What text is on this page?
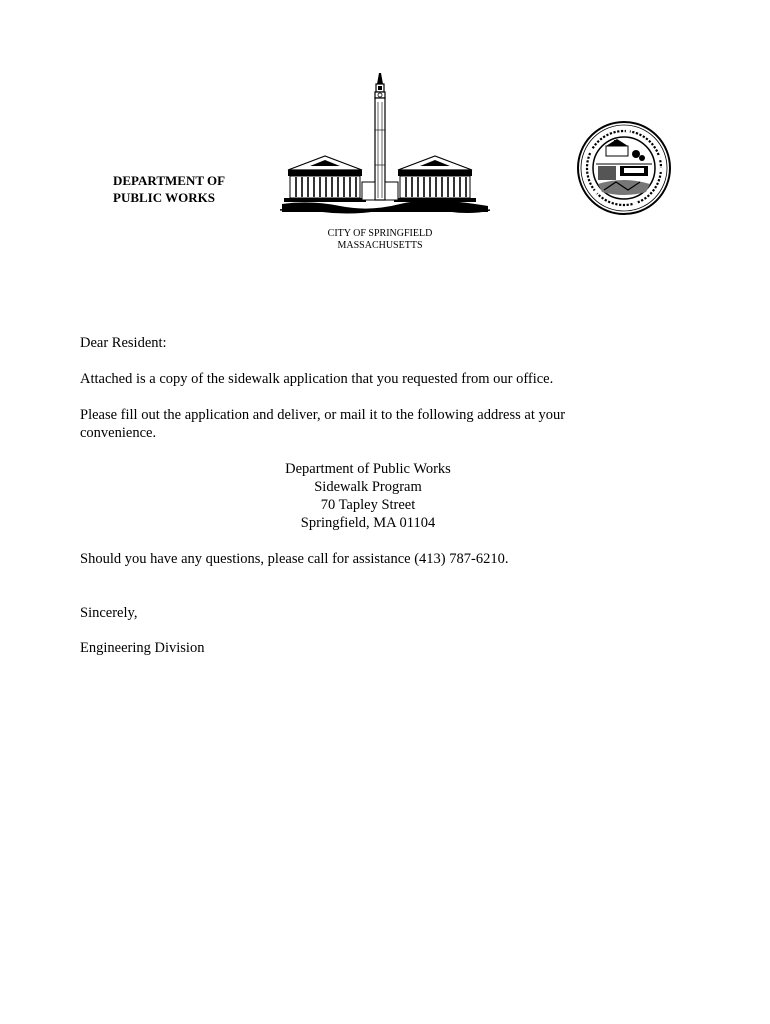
DEPARTMENT OF
PUBLIC WORKS
CITY OF SPRINGFIELD
MASSACHUSETTS

Dear Resident:

Attached is a copy of the sidewalk application that you requested from our office.

Please fill out the application and deliver, or mail it to the following address at your convenience.

Department of Public Works
Sidewalk Program
70 Tapley Street
Springfield, MA 01104

Should you have any questions, please call for assistance (413) 787-6210.

Sincerely,

Engineering Division
